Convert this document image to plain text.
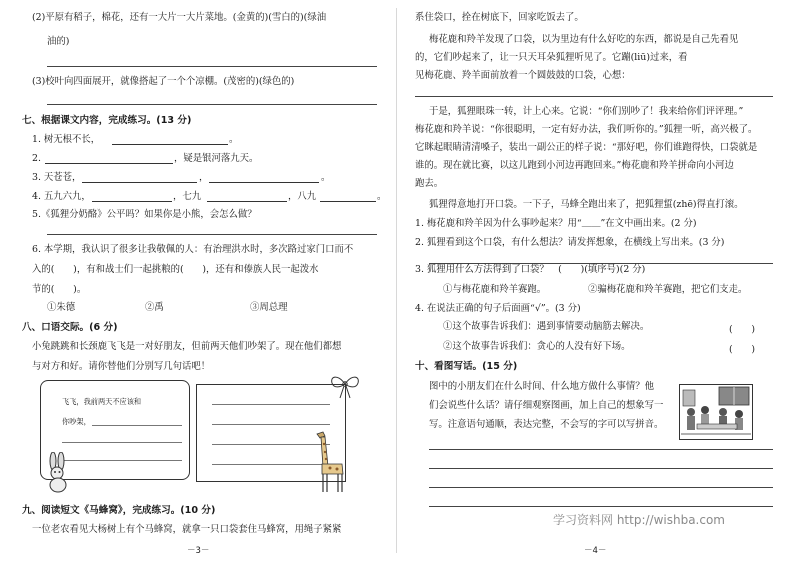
(2)平原有稻子，棉花，还有一大片一大片菜地。(金黄的)(雪白的)(绿油
油的)
(3)校叶向四面展开，就像搭起了一个个凉棚。(茂密的)(绿色的)
七、根据课文内容，完成练习。(13 分)
1. 树无根不长，	。
2.	，疑是银河落九天。
3. 天苍苍，	，	。
4. 五九六九，	，七九	，八九	。
5.《狐狸分奶酪》公平吗？如果你是小熊，会怎么做？
6. 本学期，我认识了很多让我敬佩的人：有治理洪水时，多次路过家门口而不
入的(　　)，有和战士们一起挑粮的(　　)，还有和傣族人民一起泼水
节的(　　)。
①朱德	②禹	③周总理
八、口语交际。(6 分)
小兔跳跳和长颈鹿飞飞是一对好朋友，但前两天他们吵架了。现在他们都想
与对方和好。请你替他们分别写几句话吧！
飞飞，我前两天不应该和
你吵架，
九、阅读短文《马蜂窝》，完成练习。(10 分)
一位老农看见大杨树上有个马蜂窝，就拿一只口袋套住马蜂窝，用绳子紧紧
－3－
系住袋口，拴在树底下，回家吃饭去了。
梅花鹿和羚羊发现了口袋，以为里边有什么好吃的东西，都说是自己先看见
的，它们吵起来了，让一只天耳朵狐狸听见了。它蹦(liū)过来，看
见梅花鹿、羚羊面前放着一个圆鼓鼓的口袋，心想：
于是，狐狸眼珠一转，计上心来。它说：“你们别吵了！我来给你们评评理。”
梅花鹿和羚羊说：“你很聪明，一定有好办法，我们听你的。”狐狸一听，高兴极了。
它眯起眼睛清清嗓子，装出一副公正的样子说：“那好吧，你们谁跑得快，口袋就是
谁的。现在就比赛，以这儿跑到小河边再跑回来。”梅花鹿和羚羊拼命向小河边
跑去。
狐狸得意地打开口袋。一下子，马蜂全跑出来了，把狐狸蜇(zhē)得直打滚。
1. 梅花鹿和羚羊因为什么事吵起来？用“＿＿”在文中画出来。(2 分)
2. 狐狸看到这个口袋，有什么想法？请发挥想象，在横线上写出来。(3 分)
3. 狐狸用什么方法得到了口袋？　(　　)(填序号)(2 分)
①与梅花鹿和羚羊赛跑。	②骗梅花鹿和羚羊赛跑，把它们支走。
4. 在说法正确的句子后面画“√”。(3 分)
①这个故事告诉我们：遇到事情要动脑筋去解决。	(　　)
②这个故事告诉我们：贪心的人没有好下场。	(　　)
十、看图写话。(15 分)
图中的小朋友们在什么时间、什么地方做什么事情？他
们会说些什么话？请仔细观察图画，加上自己的想象写一
写。注意语句通顺，表达完整，不会写的字可以写拼音。
学习资料网 http://wishba.com
－4－
